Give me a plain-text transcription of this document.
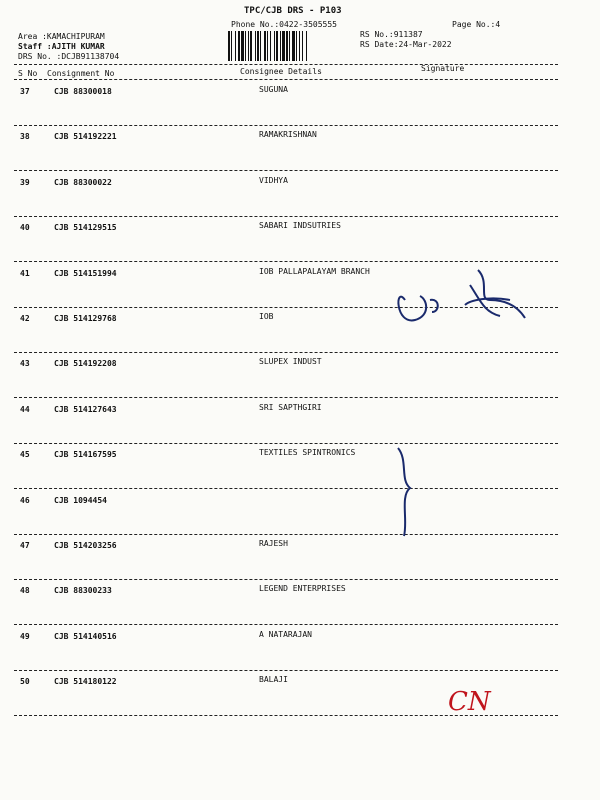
TPC/CJB DRS - P103
Phone No.:0422-3505555	Page No.:4
Area :KAMACHIPURAM
Staff :AJITH KUMAR
DRS No. :DCJB91138704
RS No.:911387
RS Date:24-Mar-2022
S No Consignment No	Consignee Details	Signature
37	CJB 88300018	SUGUNA
38	CJB 514192221	RAMAKRISHNAN
39	CJB 88300022	VIDHYA
40	CJB 514129515	SABARI INDSUTRIES
41	CJB 514151994	IOB PALLAPALAYAM BRANCH
42	CJB 514129768	IOB
43	CJB 514192208	SLUPEX INDUST
44	CJB 514127643	SRI SAPTHGIRI
45	CJB 514167595	TEXTILES SPINTRONICS
46	CJB 1094454
47	CJB 514203256	RAJESH
48	CJB 88300233	LEGEND ENTERPRISES
49	CJB 514140516	A NATARAJAN
50	CJB 514180122	BALAJI
Sugunya
Rakrishnan
8602/1105
Vidhya
Sabari
Devikumar
Vijay
9976175862
Ganeshkumar
Rajesh
Balaji
Natarajan
CN
